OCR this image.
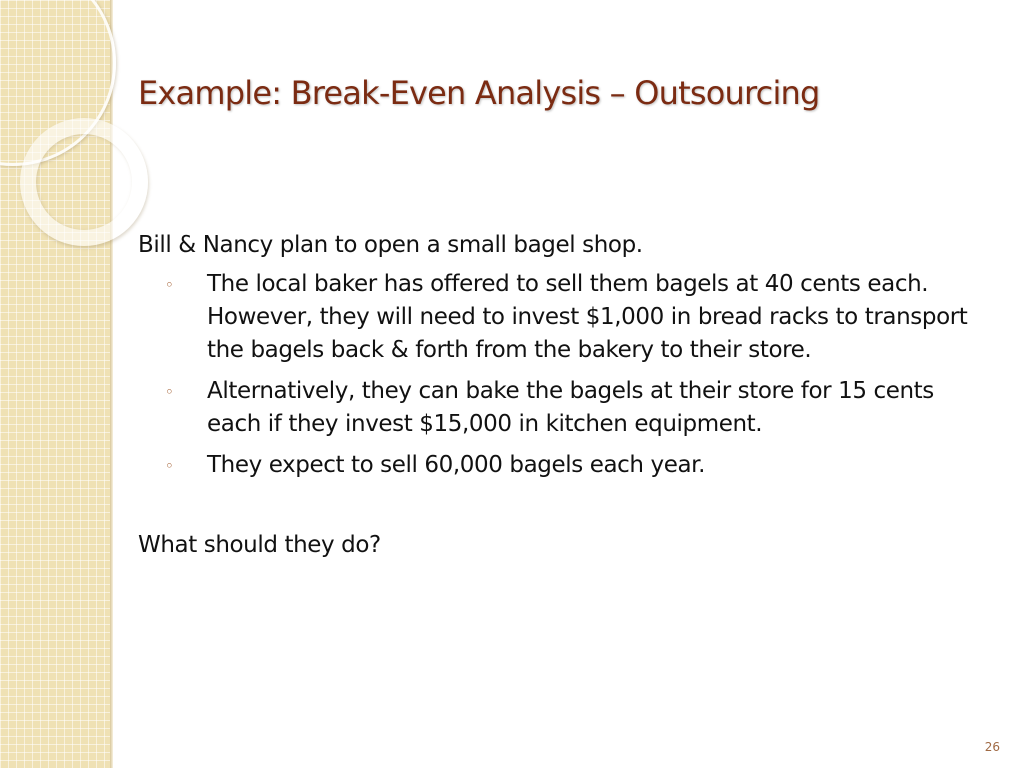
Example: Break-Even Analysis – Outsourcing

Bill & Nancy plan to open a small bagel shop.

◦ The local baker has offered to sell them bagels at 40 cents each. However, they will need to invest $1,000 in bread racks to transport the bagels back & forth from the bakery to their store.
◦ Alternatively, they can bake the bagels at their store for 15 cents each if they invest $15,000 in kitchen equipment.
◦ They expect to sell 60,000 bagels each year.

What should they do?

26
